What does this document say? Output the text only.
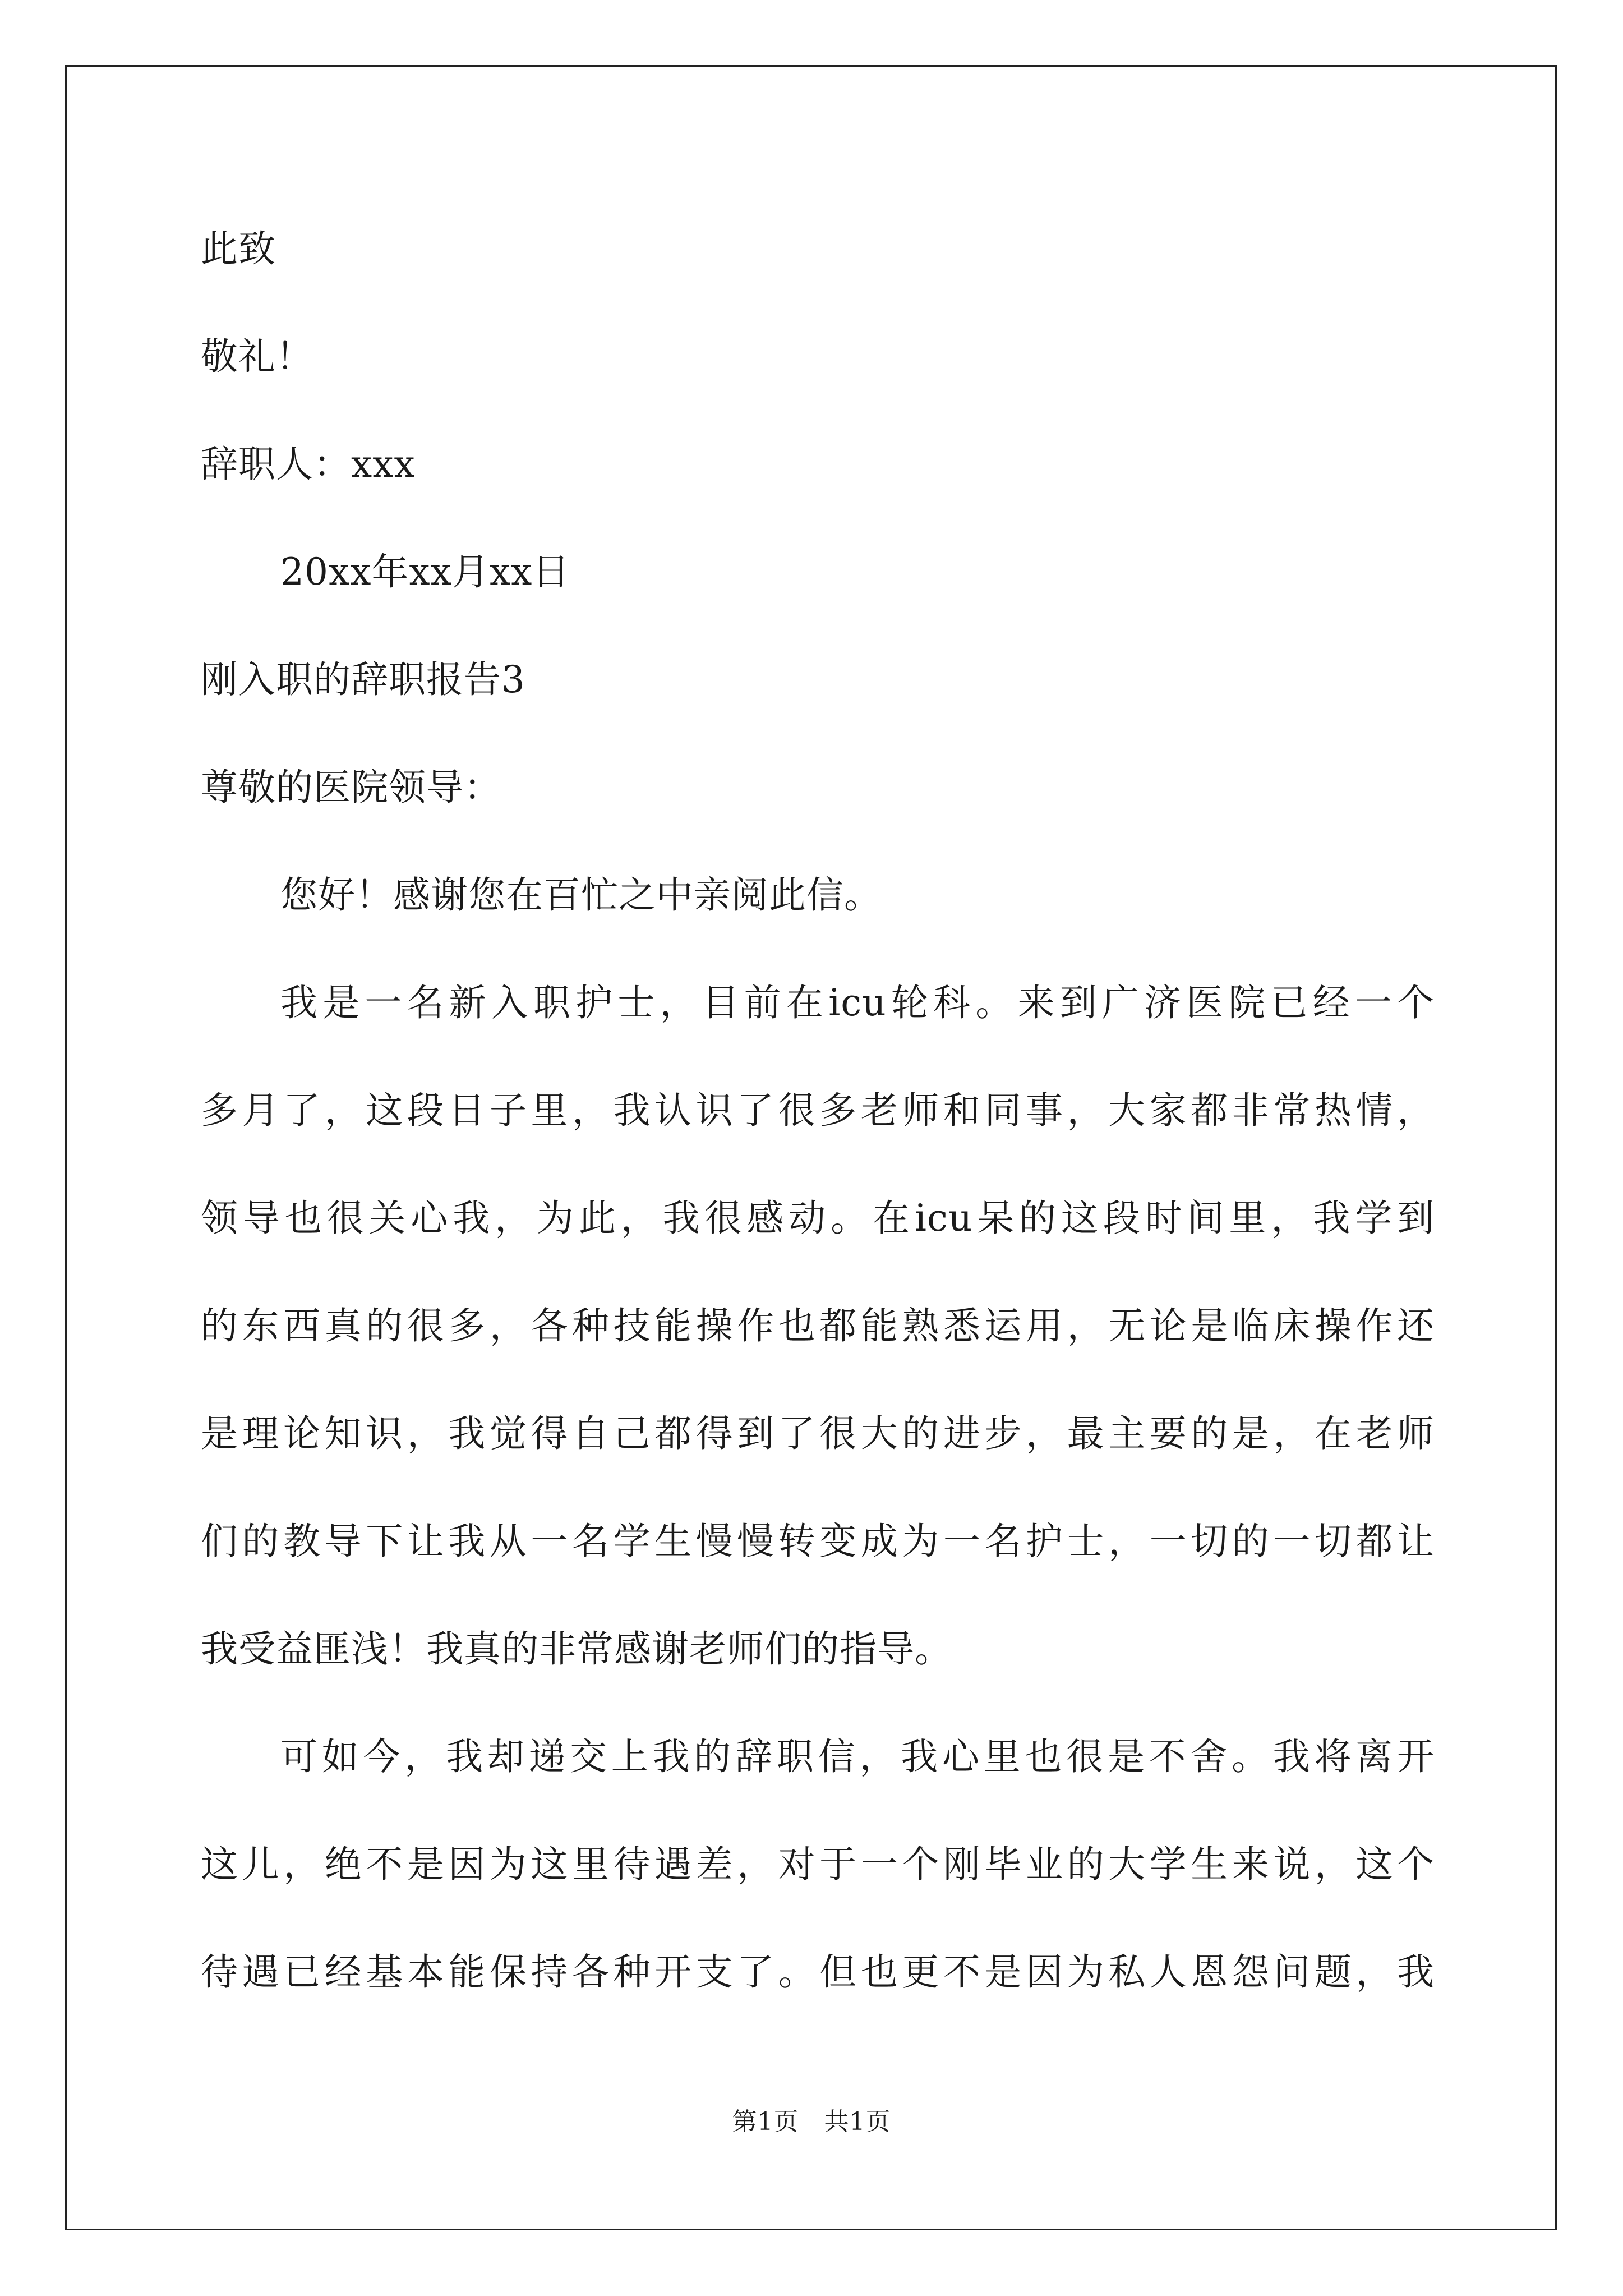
此致

敬礼！

辞职人：xxx

20xx年xx月xx日

刚入职的辞职报告3

尊敬的医院领导：

您好！感谢您在百忙之中亲阅此信。

我是一名新入职护士，目前在icu轮科。来到广济医院已经一个

多月了，这段日子里，我认识了很多老师和同事，大家都非常热情，

领导也很关心我，为此，我很感动。在icu呆的这段时间里，我学到

的东西真的很多，各种技能操作也都能熟悉运用，无论是临床操作还

是理论知识，我觉得自己都得到了很大的进步，最主要的是，在老师

们的教导下让我从一名学生慢慢转变成为一名护士，一切的一切都让

我受益匪浅！我真的非常感谢老师们的指导。

可如今，我却递交上我的辞职信，我心里也很是不舍。我将离开

这儿，绝不是因为这里待遇差，对于一个刚毕业的大学生来说，这个

待遇已经基本能保持各种开支了。但也更不是因为私人恩怨问题，我

第1页　共1页
